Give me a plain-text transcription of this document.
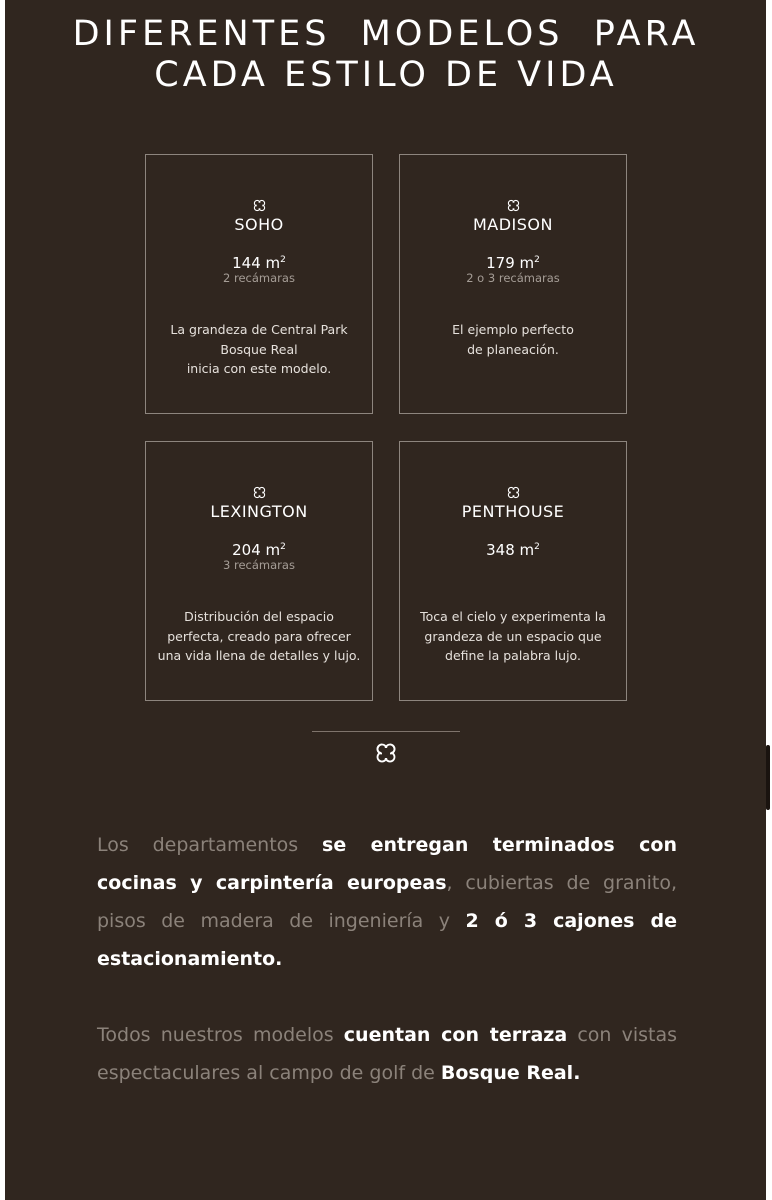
DIFERENTES  MODELOS  PARA
CADA ESTILO DE VIDA
SOHO
144 $m^2$
2 recámaras
La grandeza de Central Park
Bosque Real
inicia con este modelo.
MADISON
179 $m^2$
2 o 3 recámaras
El ejemplo perfecto
de planeación.
LEXINGTON
204 $m^2$
3 recámaras
Distribución del espacio
perfecta, creado para ofrecer
una vida llena de detalles y lujo.
PENTHOUSE
348 $m^2$
Toca el cielo y experimenta la
grandeza de un espacio que
define la palabra lujo.
Los departamentos se entregan terminados con
cocinas y carpintería europeas, cubiertas de granito,
pisos de madera de ingeniería y 2 ó 3 cajones de
estacionamiento.
Todos nuestros modelos cuentan con terraza con vistas
espectaculares al campo de golf de Bosque Real.
